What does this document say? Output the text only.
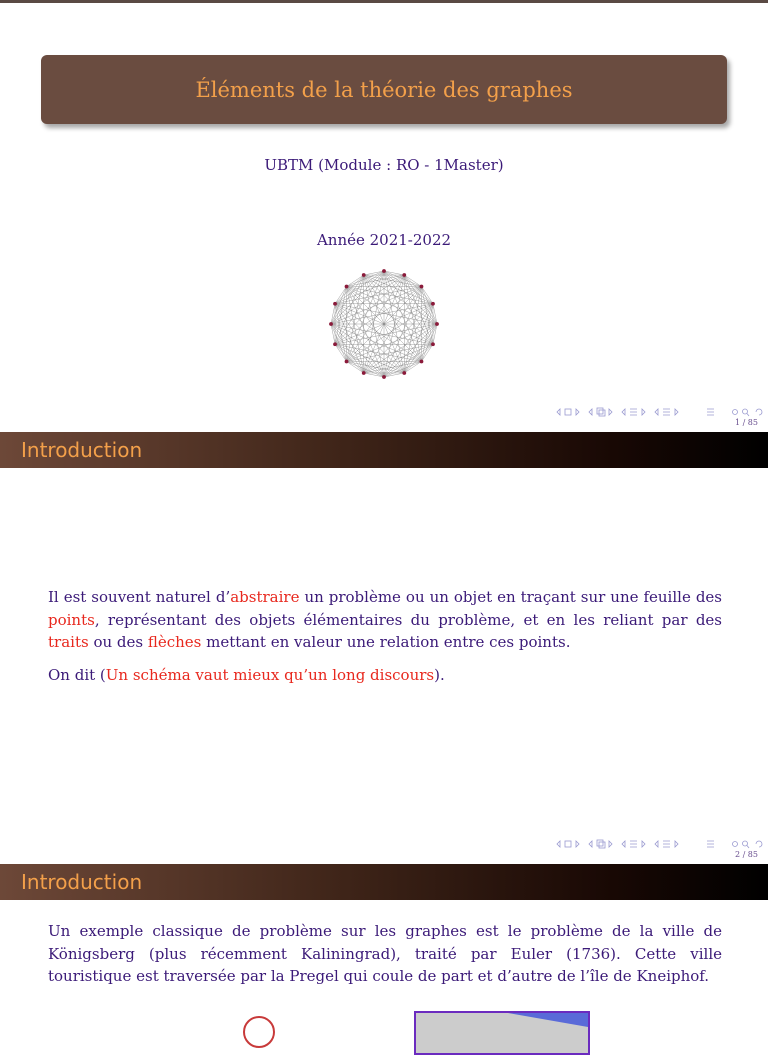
Éléments de la théorie des graphes
UBTM (Module : RO - 1Master)
Année 2021-2022
1 / 85
Introduction

Il est souvent naturel d’abstraire un problème ou un objet en traçant sur une feuille des points, représentant des objets élémentaires du problème, et en les reliant par des traits ou des flèches mettant en valeur une relation entre ces points.

On dit (Un schéma vaut mieux qu’un long discours).

2 / 85
Introduction

Un exemple classique de problème sur les graphes est le problème de la ville de Königsberg (plus récemment Kaliningrad), traité par Euler (1736). Cette ville touristique est traversée par la Pregel qui coule de part et d’autre de l’île de Kneiphof.
